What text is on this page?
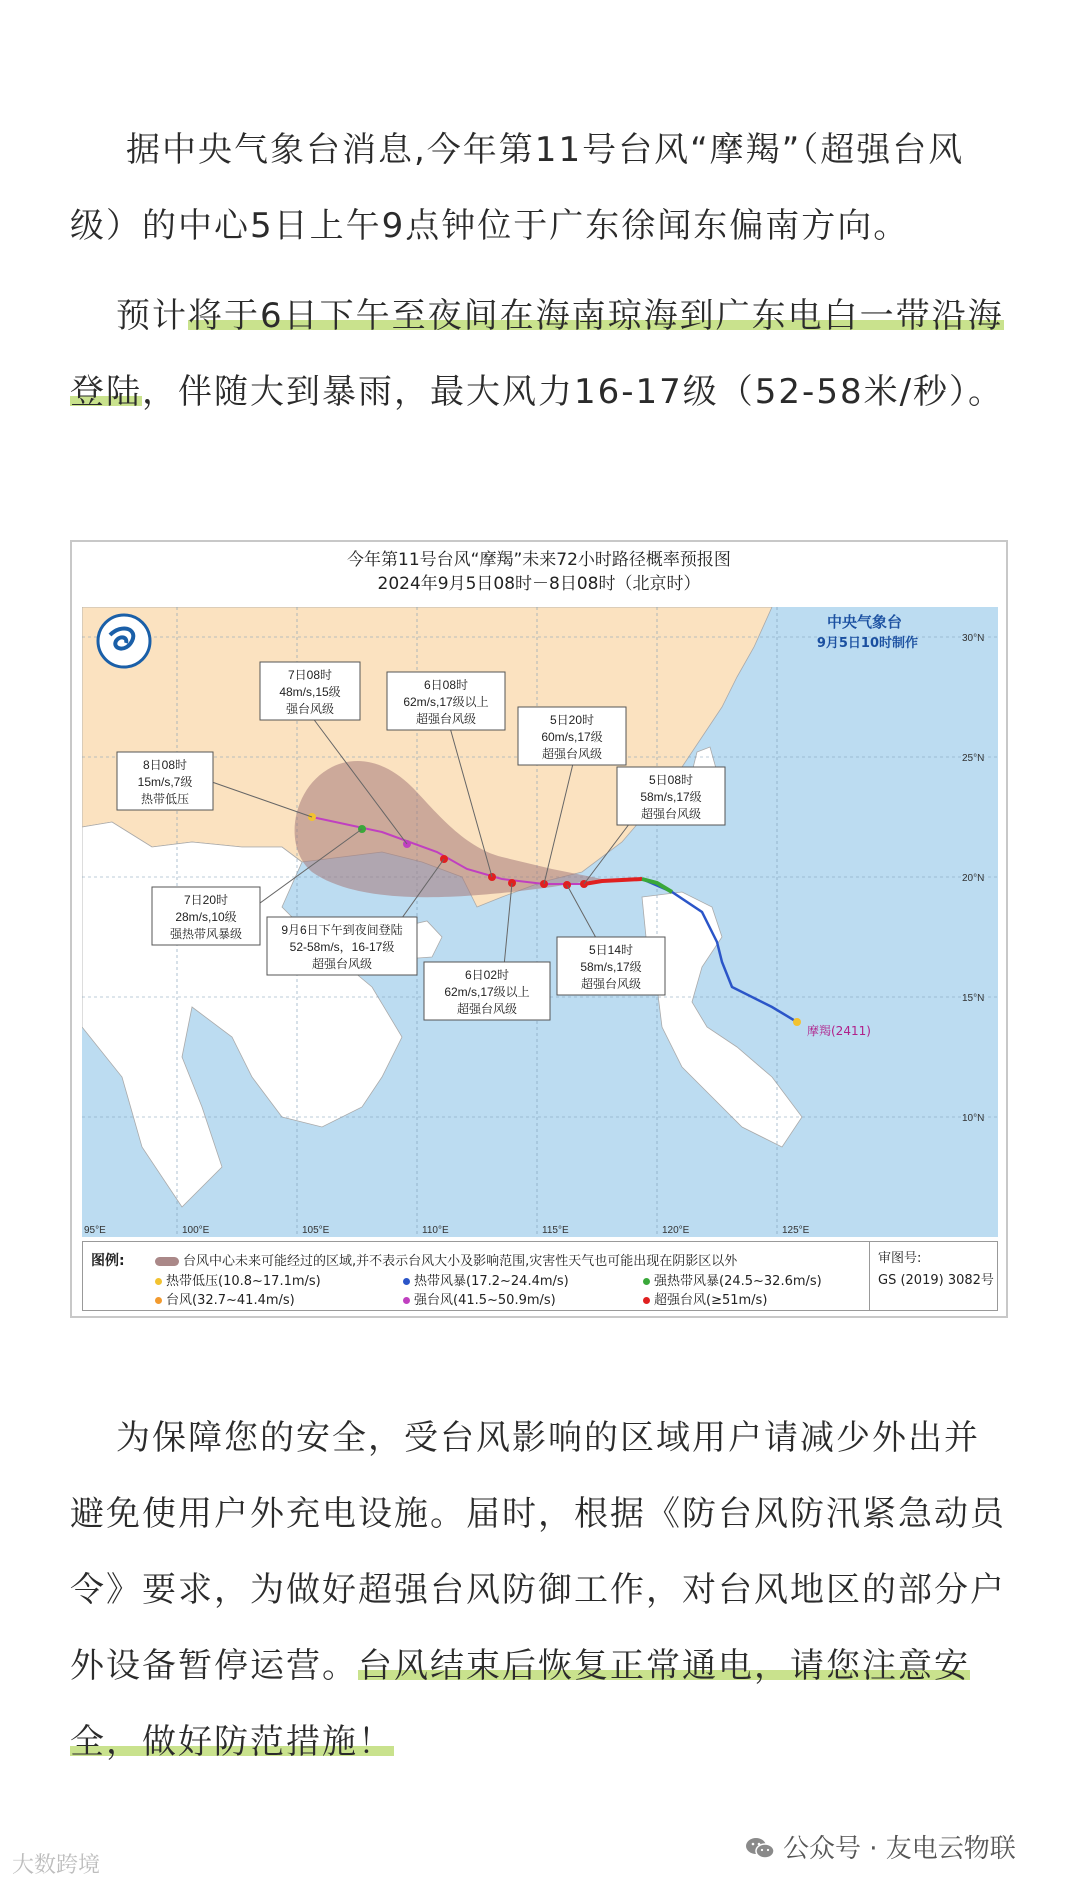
据中央气象台消息,今年第11号台风“摩羯”（超强台风级）的中心5日上午9点钟位于广东徐闻东偏南方向。

预计将于6日下午至夜间在海南琼海到广东电白一带沿海登陆，伴随大到暴雨，最大风力16-17级（52-58米/秒）。

今年第11号台风“摩羯”未来72小时路径概率预报图
2024年9月5日08时－8日08时（北京时）
7日08时
48m/s,15级
强台风级
6日08时
62m/s,17级以上
超强台风级	5日20时
60m/s,17级
超强台风级
8日08时
15m/s,7级
热带低压
5日08时
58m/s,17级
超强台风级
7日20时
28m/s,10级
强热带风暴级	9月6日下午到夜间登陆
52-58m/s，16-17级
超强台风级
6日02时
62m/s,17级以上
超强台风级
5日14时
58m/s,17级
超强台风级
中央气象台
9月5日10时制作
摩羯(2411)
95°E	100°E	105°E	110°E	115°E	120°E	125°E
30°N
25°N
20°N
15°N
10°N
图例:	台风中心未来可能经过的区域,并不表示台风大小及影响范围,灾害性天气也可能出现在阴影区以外
热带低压(10.8~17.1m/s)	热带风暴(17.2~24.4m/s)	强热带风暴(24.5~32.6m/s)
台风(32.7~41.4m/s)	强台风(41.5~50.9m/s)	超强台风(≥51m/s)
审图号:
GS (2019) 3082号

为保障您的安全，受台风影响的区域用户请减少外出并避免使用户外充电设施。届时，根据《防台风防汛紧急动员令》要求，为做好超强台风防御工作，对台风地区的部分户外设备暂停运营。台风结束后恢复正常通电，请您注意安全，做好防范措施！

公众号 · 友电云物联
大数跨境
